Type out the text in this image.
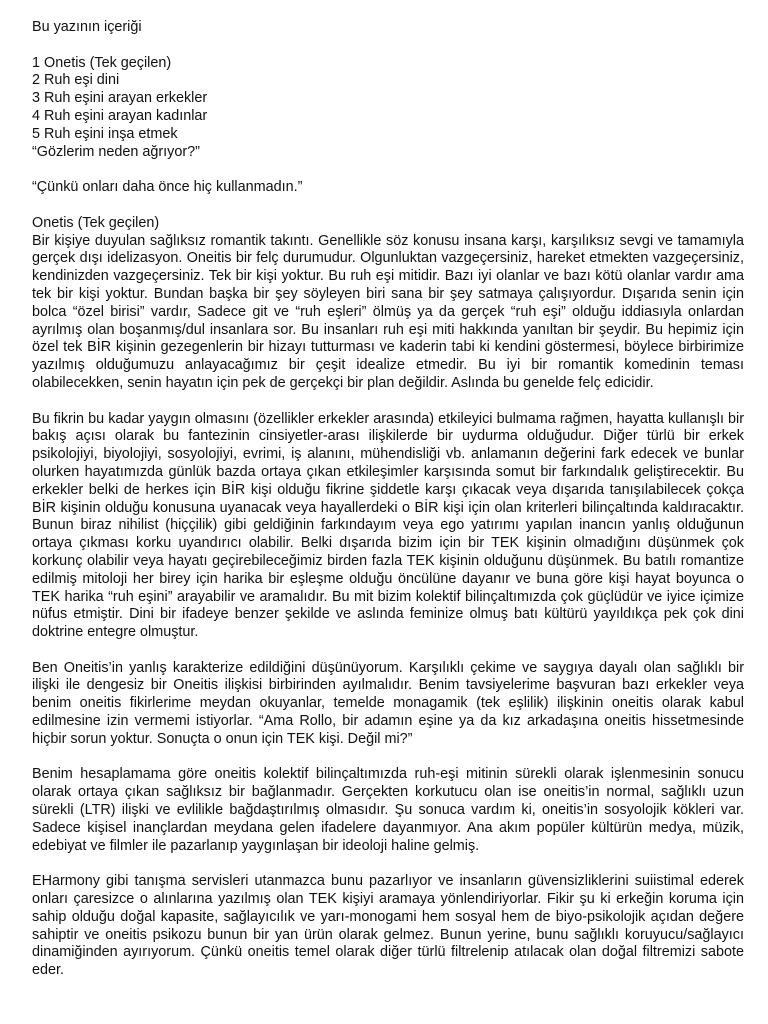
Bu yazının içeriği

1 Onetis (Tek geçilen)
2 Ruh eşi dini
3 Ruh eşini arayan erkekler
4 Ruh eşini arayan kadınlar
5 Ruh eşini inşa etmek

“Gözlerim neden ağrıyor?”

“Çünkü onları daha önce hiç kullanmadın.”

Onetis (Tek geçilen)

Bir kişiye duyulan sağlıksız romantik takıntı. Genellikle söz konusu insana karşı, karşılıksız sevgi ve tamamıyla gerçek dışı idelizasyon. Oneitis bir felç durumudur. Olgunluktan vazgeçersiniz, hareket etmekten vazgeçersiniz, kendinizden vazgeçersiniz. Tek bir kişi yoktur. Bu ruh eşi mitidir. Bazı iyi olanlar ve bazı kötü olanlar vardır ama tek bir kişi yoktur. Bundan başka bir şey söyleyen biri sana bir şey satmaya çalışıyordur. Dışarıda senin için bolca “özel birisi” vardır, Sadece git ve “ruh eşleri” ölmüş ya da gerçek “ruh eşi” olduğu iddiasıyla onlardan ayrılmış olan boşanmış/dul insanlara sor. Bu insanları ruh eşi miti hakkında yanıltan bir şeydir. Bu hepimiz için özel tek BİR kişinin gezegenlerin bir hizayı tutturması ve kaderin tabi ki kendini göstermesi, böylece birbirimize yazılmış olduğumuzu anlayacağımız bir çeşit idealize etmedir. Bu iyi bir romantik komedinin teması olabilecekken, senin hayatın için pek de gerçekçi bir plan değildir. Aslında bu genelde felç edicidir.

Bu fikrin bu kadar yaygın olmasını (özellikler erkekler arasında) etkileyici bulmama rağmen, hayatta kullanışlı bir bakış açısı olarak bu fantezinin cinsiyetler-arası ilişkilerde bir uydurma olduğudur. Diğer türlü bir erkek psikolojiyi, biyolojiyi, sosyolojiyi, evrimi, iş alanını, mühendisliği vb. anlamanın değerini fark edecek ve bunlar olurken hayatımızda günlük bazda ortaya çıkan etkileşimler karşısında somut bir farkındalık geliştirecektir. Bu erkekler belki de herkes için BİR kişi olduğu fikrine şiddetle karşı çıkacak veya dışarıda tanışılabilecek çokça BİR kişinin olduğu konusuna uyanacak veya hayallerdeki o BİR kişi için olan kriterleri bilinçaltında kaldıracaktır. Bunun biraz nihilist (hiççilik) gibi geldiğinin farkındayım veya ego yatırımı yapılan inancın yanlış olduğunun ortaya çıkması korku uyandırıcı olabilir. Belki dışarıda bizim için bir TEK kişinin olmadığını düşünmek çok korkunç olabilir veya hayatı geçirebileceğimiz birden fazla TEK kişinin olduğunu düşünmek. Bu batılı romantize edilmiş mitoloji her birey için harika bir eşleşme olduğu öncülüne dayanır ve buna göre kişi hayat boyunca o TEK harika “ruh eşini” arayabilir ve aramalıdır. Bu mit bizim kolektif bilinçaltımızda çok güçlüdür ve iyice içimize nüfus etmiştir. Dini bir ifadeye benzer şekilde ve aslında feminize olmuş batı kültürü yayıldıkça pek çok dini doktrine entegre olmuştur.

Ben Oneitis’in yanlış karakterize edildiğini düşünüyorum. Karşılıklı çekime ve saygıya dayalı olan sağlıklı bir ilişki ile dengesiz bir Oneitis ilişkisi birbirinden ayılmalıdır. Benim tavsiyelerime başvuran bazı erkekler veya benim oneitis fikirlerime meydan okuyanlar, temelde monagamik (tek eşlilik) ilişkinin oneitis olarak kabul edilmesine izin vermemi istiyorlar. “Ama Rollo, bir adamın eşine ya da kız arkadaşına oneitis hissetmesinde hiçbir sorun yoktur. Sonuçta o onun için TEK kişi. Değil mi?”

Benim hesaplamama göre oneitis kolektif bilinçaltımızda ruh-eşi mitinin sürekli olarak işlenmesinin sonucu olarak ortaya çıkan sağlıksız bir bağlanmadır. Gerçekten korkutucu olan ise oneitis’in normal, sağlıklı uzun sürekli (LTR) ilişki ve evlilikle bağdaştırılmış olmasıdır. Şu sonuca vardım ki, oneitis’in sosyolojik kökleri var. Sadece kişisel inançlardan meydana gelen ifadelere dayanmıyor. Ana akım popüler kültürün medya, müzik, edebiyat ve filmler ile pazarlanıp yaygınlaşan bir ideoloji haline gelmiş.

EHarmony gibi tanışma servisleri utanmazca bunu pazarlıyor ve insanların güvensizliklerini suiistimal ederek onları çaresizce o alınlarına yazılmış olan TEK kişiyi aramaya yönlendiriyorlar. Fikir şu ki erkeğin koruma için sahip olduğu doğal kapasite, sağlayıcılık ve yarı-monogami hem sosyal hem de biyo-psikolojik açıdan değere sahiptir ve oneitis psikozu bunun bir yan ürün olarak gelmez. Bunun yerine, bunu sağlıklı koruyucu/sağlayıcı dinamiğinden ayırıyorum. Çünkü oneitis temel olarak diğer türlü filtrelenip atılacak olan doğal filtremizi sabote eder.
